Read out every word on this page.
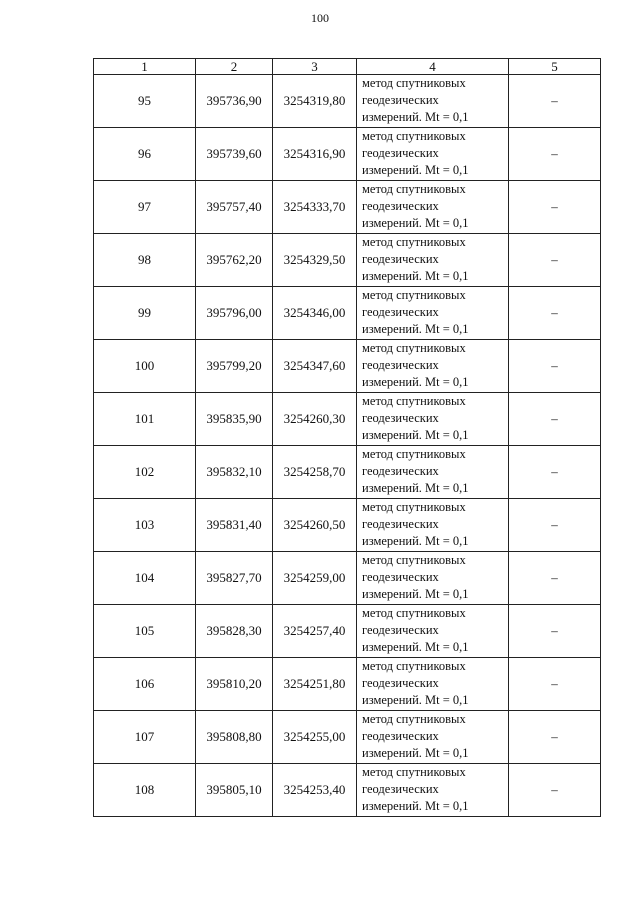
100
1	2	3	4	5
95	395736,90	3254319,80	метод спутниковых
геодезических
измерений. Mt = 0,1	–
96	395739,60	3254316,90	метод спутниковых
геодезических
измерений. Mt = 0,1	–
97	395757,40	3254333,70	метод спутниковых
геодезических
измерений. Mt = 0,1	–
98	395762,20	3254329,50	метод спутниковых
геодезических
измерений. Mt = 0,1	–
99	395796,00	3254346,00	метод спутниковых
геодезических
измерений. Mt = 0,1	–
100	395799,20	3254347,60	метод спутниковых
геодезических
измерений. Mt = 0,1	–
101	395835,90	3254260,30	метод спутниковых
геодезических
измерений. Mt = 0,1	–
102	395832,10	3254258,70	метод спутниковых
геодезических
измерений. Mt = 0,1	–
103	395831,40	3254260,50	метод спутниковых
геодезических
измерений. Mt = 0,1	–
104	395827,70	3254259,00	метод спутниковых
геодезических
измерений. Mt = 0,1	–
105	395828,30	3254257,40	метод спутниковых
геодезических
измерений. Mt = 0,1	–
106	395810,20	3254251,80	метод спутниковых
геодезических
измерений. Mt = 0,1	–
107	395808,80	3254255,00	метод спутниковых
геодезических
измерений. Mt = 0,1	–
108	395805,10	3254253,40	метод спутниковых
геодезических
измерений. Mt = 0,1	–
